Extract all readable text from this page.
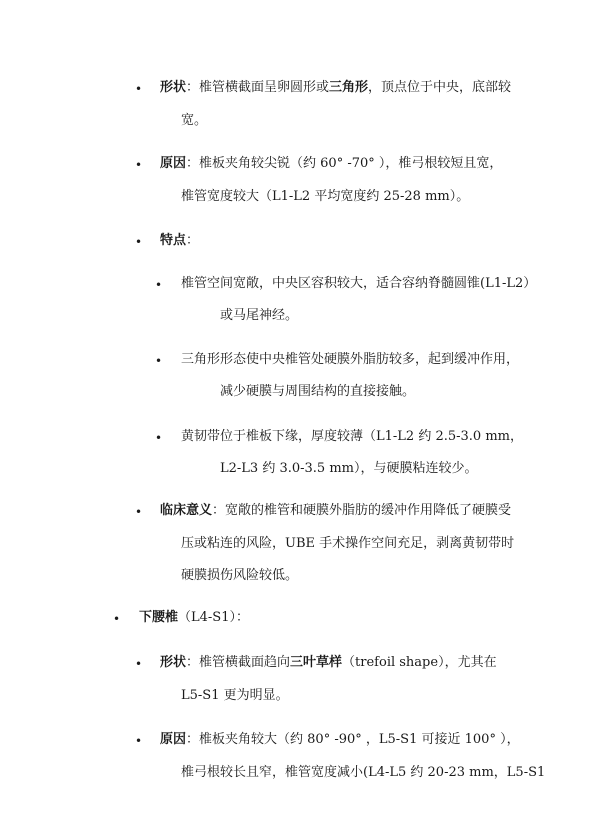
• 形状：椎管横截面呈卵圆形或三角形，顶点位于中央，底部较
宽。
• 原因：椎板夹角较尖锐（约 60° -70° ），椎弓根较短且宽，
椎管宽度较大（L1-L2 平均宽度约 25-28 mm）。
• 特点：
• 椎管空间宽敞，中央区容积较大，适合容纳脊髓圆锥(L1-L2）
或马尾神经。
• 三角形形态使中央椎管处硬膜外脂肪较多，起到缓冲作用，
减少硬膜与周围结构的直接接触。
• 黄韧带位于椎板下缘，厚度较薄（L1-L2 约 2.5-3.0 mm，
L2-L3 约 3.0-3.5 mm），与硬膜粘连较少。
• 临床意义：宽敞的椎管和硬膜外脂肪的缓冲作用降低了硬膜受
压或粘连的风险，UBE 手术操作空间充足，剥离黄韧带时
硬膜损伤风险较低。
• 下腰椎（L4-S1）：
• 形状：椎管横截面趋向三叶草样（trefoil shape），尤其在
L5-S1 更为明显。
• 原因：椎板夹角较大（约 80° -90° ，L5-S1 可接近 100° ），
椎弓根较长且窄，椎管宽度减小(L4-L5 约 20-23 mm，L5-S1
